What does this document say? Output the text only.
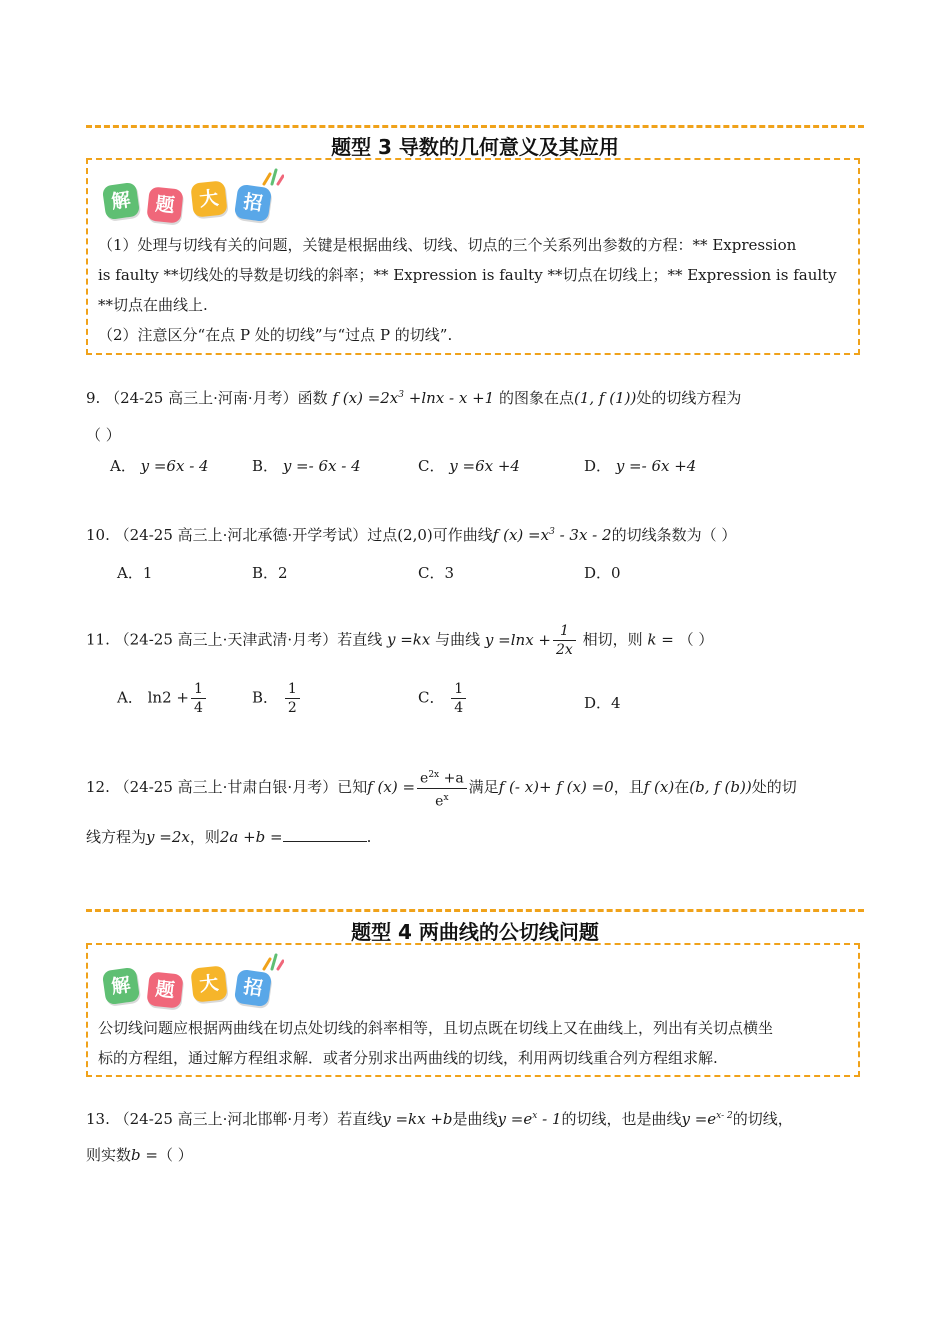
题型 3 导数的几何意义及其应用
解	题	大	招
（1）处理与切线有关的问题，关键是根据曲线、切线、切点的三个关系列出参数的方程：** Expression
is faulty **切线处的导数是切线的斜率；** Expression is faulty **切点在切线上；** Expression is faulty
**切点在曲线上.
（2）注意区分“在点 P 处的切线”与“过点 P 的切线”.
9. （24-25 高三上·河南·月考）函数 f $(x) =2x^3 +\ln x - x +1$ 的图象在点(1, f (1))处的切线方程为
（ ）
A． y =6x - 4	B． y =- 6x - 4	C． y =6x +4	D． y =- 6x +4
10. （24-25 高三上·河北承德·开学考试）过点(2,0)可作曲线f $(x) =x^3 - 3x - 2$的切线条数为（ ）
A．1	B．2	C．3	D．0
11. （24-25 高三上·天津武清·月考）若直线 y =kx 与曲线 $y =\ln x + \frac{1}{2x}$ 相切，则 k = （ ）
A． $\ln 2 + \frac{1}{4}$	B． $\frac{1}{2}$	C． $\frac{1}{4}$	D．4
12. （24-25 高三上·甘肃白银·月考）已知f $(x) = \frac{e^{2x} +a}{e^x}$ 满足f (- x)+ f (x) =0，且f (x)在(b, f (b))处的切
线方程为y =2x，则2a +b =	.
题型 4 两曲线的公切线问题
解	题	大	招
公切线问题应根据两曲线在切点处切线的斜率相等，且切点既在切线上又在曲线上，列出有关切点横坐
标的方程组，通过解方程组求解．或者分别求出两曲线的切线，利用两切线重合列方程组求解.
13. （24-25 高三上·河北邯郸·月考）若直线y =kx +b是曲线$y =e^x - 1$的切线，也是曲线$y =e^{x- 2}$的切线，
则实数b =（ ）
